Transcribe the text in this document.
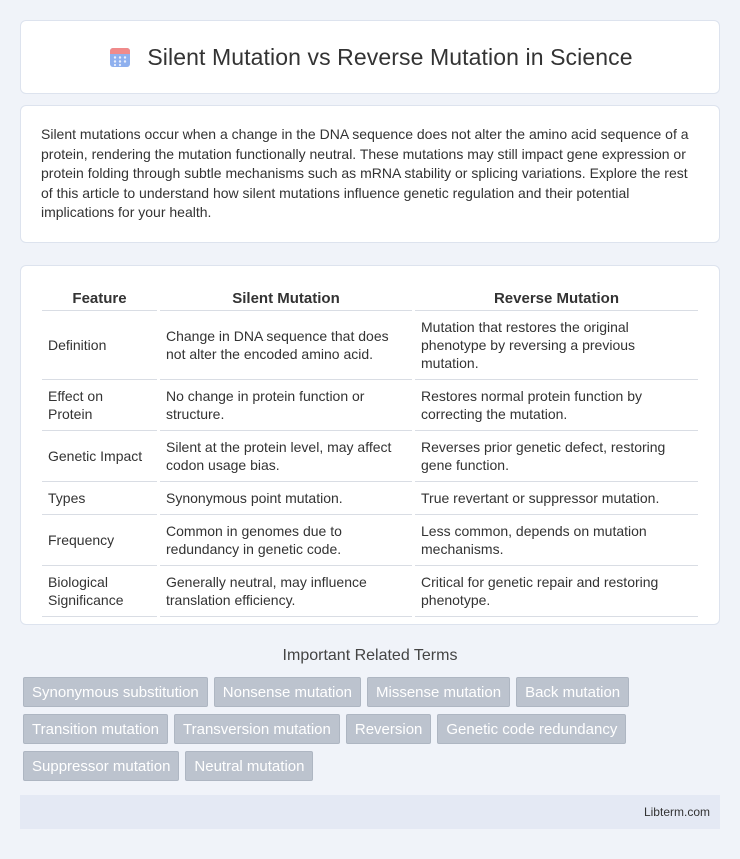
Silent Mutation vs Reverse Mutation in Science

Silent mutations occur when a change in the DNA sequence does not alter the amino acid sequence of a protein, rendering the mutation functionally neutral. These mutations may still impact gene expression or protein folding through subtle mechanisms such as mRNA stability or splicing variations. Explore the rest of this article to understand how silent mutations influence genetic regulation and their potential implications for your health.

Feature	Silent Mutation	Reverse Mutation
Definition	Change in DNA sequence that does not alter the encoded amino acid.	Mutation that restores the original phenotype by reversing a previous mutation.
Effect on Protein	No change in protein function or structure.	Restores normal protein function by correcting the mutation.
Genetic Impact	Silent at the protein level, may affect codon usage bias.	Reverses prior genetic defect, restoring gene function.
Types	Synonymous point mutation.	True revertant or suppressor mutation.
Frequency	Common in genomes due to redundancy in genetic code.	Less common, depends on mutation mechanisms.
Biological Significance	Generally neutral, may influence translation efficiency.	Critical for genetic repair and restoring phenotype.
Important Related Terms
Synonymous substitution	Nonsense mutation	Missense mutation	Back mutation
Transition mutation	Transversion mutation	Reversion	Genetic code redundancy
Suppressor mutation	Neutral mutation
Libterm.com
